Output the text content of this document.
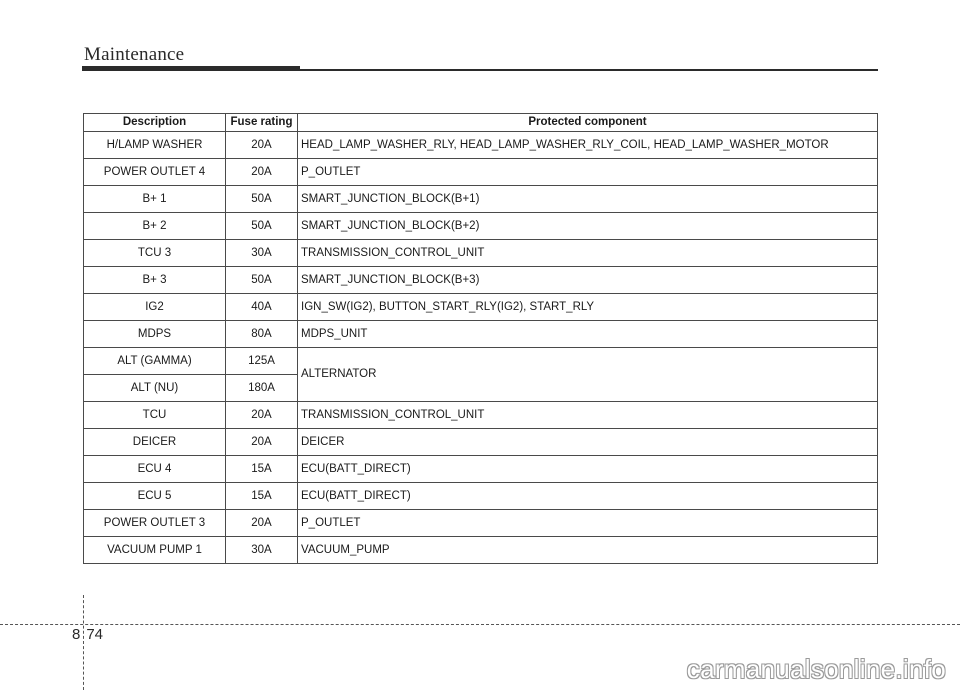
Maintenance
Description	Fuse rating	Protected component
H/LAMP WASHER	20A	HEAD_LAMP_WASHER_RLY, HEAD_LAMP_WASHER_RLY_COIL, HEAD_LAMP_WASHER_MOTOR
POWER OUTLET 4	20A	P_OUTLET
B+ 1	50A	SMART_JUNCTION_BLOCK(B+1)
B+ 2	50A	SMART_JUNCTION_BLOCK(B+2)
TCU 3	30A	TRANSMISSION_CONTROL_UNIT
B+ 3	50A	SMART_JUNCTION_BLOCK(B+3)
IG2	40A	IGN_SW(IG2), BUTTON_START_RLY(IG2), START_RLY
MDPS	80A	MDPS_UNIT
ALT (GAMMA)	125A	ALTERNATOR
ALT (NU)	180A	
TCU	20A	TRANSMISSION_CONTROL_UNIT
DEICER	20A	DEICER
ECU 4	15A	ECU(BATT_DIRECT)
ECU 5	15A	ECU(BATT_DIRECT)
POWER OUTLET 3	20A	P_OUTLET
VACUUM PUMP 1	30A	VACUUM_PUMP
8 74
carmanualsonline.info
